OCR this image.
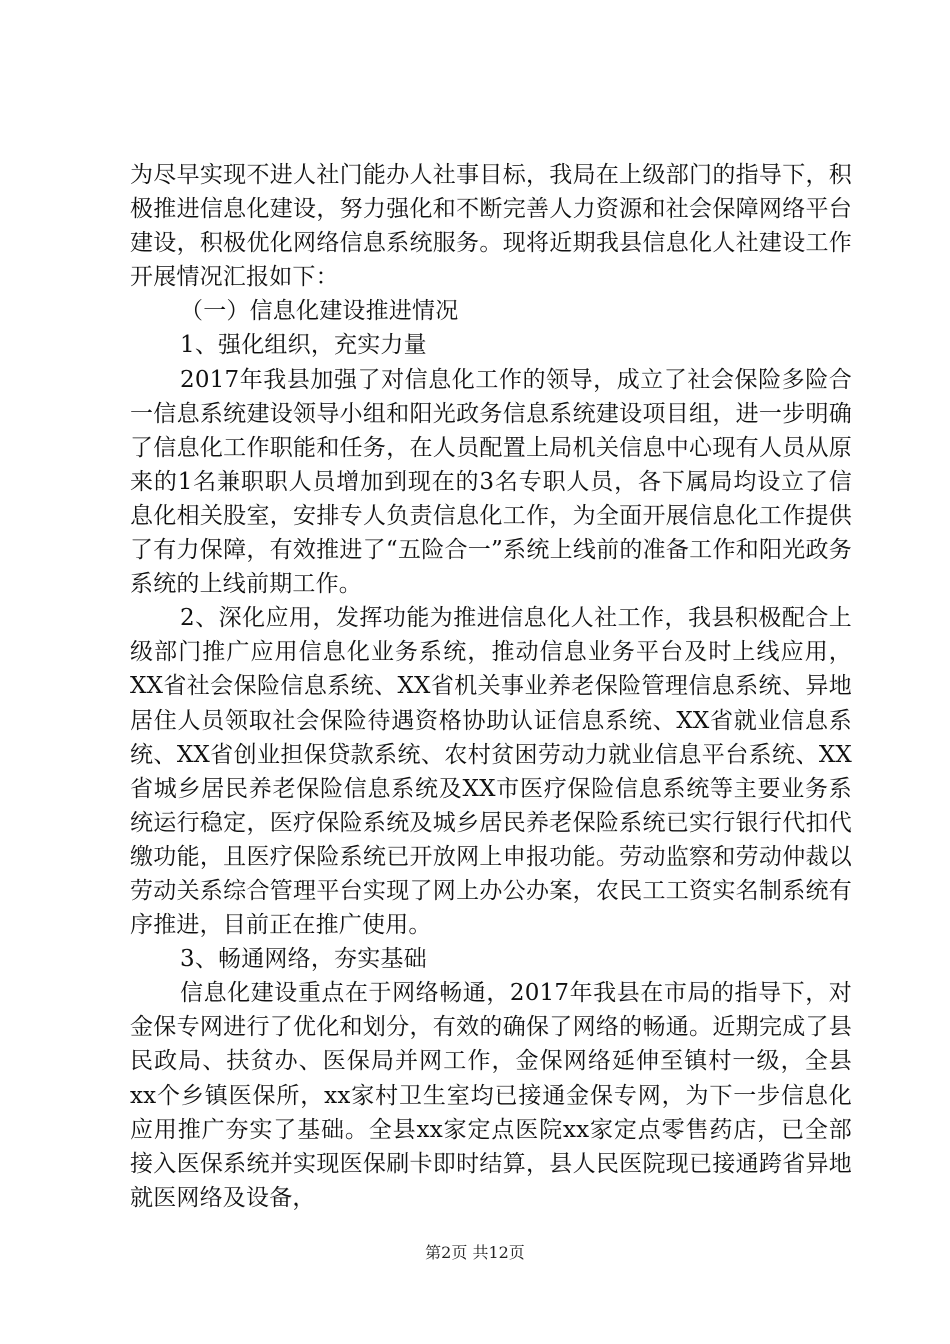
为尽早实现不进人社门能办人社事目标，我局在上级部门的指导下，积极推进信息化建设，努力强化和不断完善人力资源和社会保障网络平台建设，积极优化网络信息系统服务。现将近期我县信息化人社建设工作开展情况汇报如下：

（一）信息化建设推进情况

1、强化组织，充实力量

2017年我县加强了对信息化工作的领导，成立了社会保险多险合一信息系统建设领导小组和阳光政务信息系统建设项目组，进一步明确了信息化工作职能和任务，在人员配置上局机关信息中心现有人员从原来的1名兼职职人员增加到现在的3名专职人员，各下属局均设立了信息化相关股室，安排专人负责信息化工作，为全面开展信息化工作提供了有力保障，有效推进了“五险合一”系统上线前的准备工作和阳光政务系统的上线前期工作。

2、深化应用，发挥功能为推进信息化人社工作，我县积极配合上级部门推广应用信息化业务系统，推动信息业务平台及时上线应用，XX省社会保险信息系统、XX省机关事业养老保险管理信息系统、异地居住人员领取社会保险待遇资格协助认证信息系统、XX省就业信息系统、XX省创业担保贷款系统、农村贫困劳动力就业信息平台系统、XX省城乡居民养老保险信息系统及XX市医疗保险信息系统等主要业务系统运行稳定，医疗保险系统及城乡居民养老保险系统已实行银行代扣代缴功能，且医疗保险系统已开放网上申报功能。劳动监察和劳动仲裁以劳动关系综合管理平台实现了网上办公办案，农民工工资实名制系统有序推进，目前正在推广使用。

3、畅通网络，夯实基础

信息化建设重点在于网络畅通，2017年我县在市局的指导下，对金保专网进行了优化和划分，有效的确保了网络的畅通。近期完成了县民政局、扶贫办、医保局并网工作，金保网络延伸至镇村一级，全县xx个乡镇医保所，xx家村卫生室均已接通金保专网，为下一步信息化应用推广夯实了基础。全县xx家定点医院xx家定点零售药店，已全部接入医保系统并实现医保刷卡即时结算，县人民医院现已接通跨省异地就医网络及设备，

第2页 共12页
